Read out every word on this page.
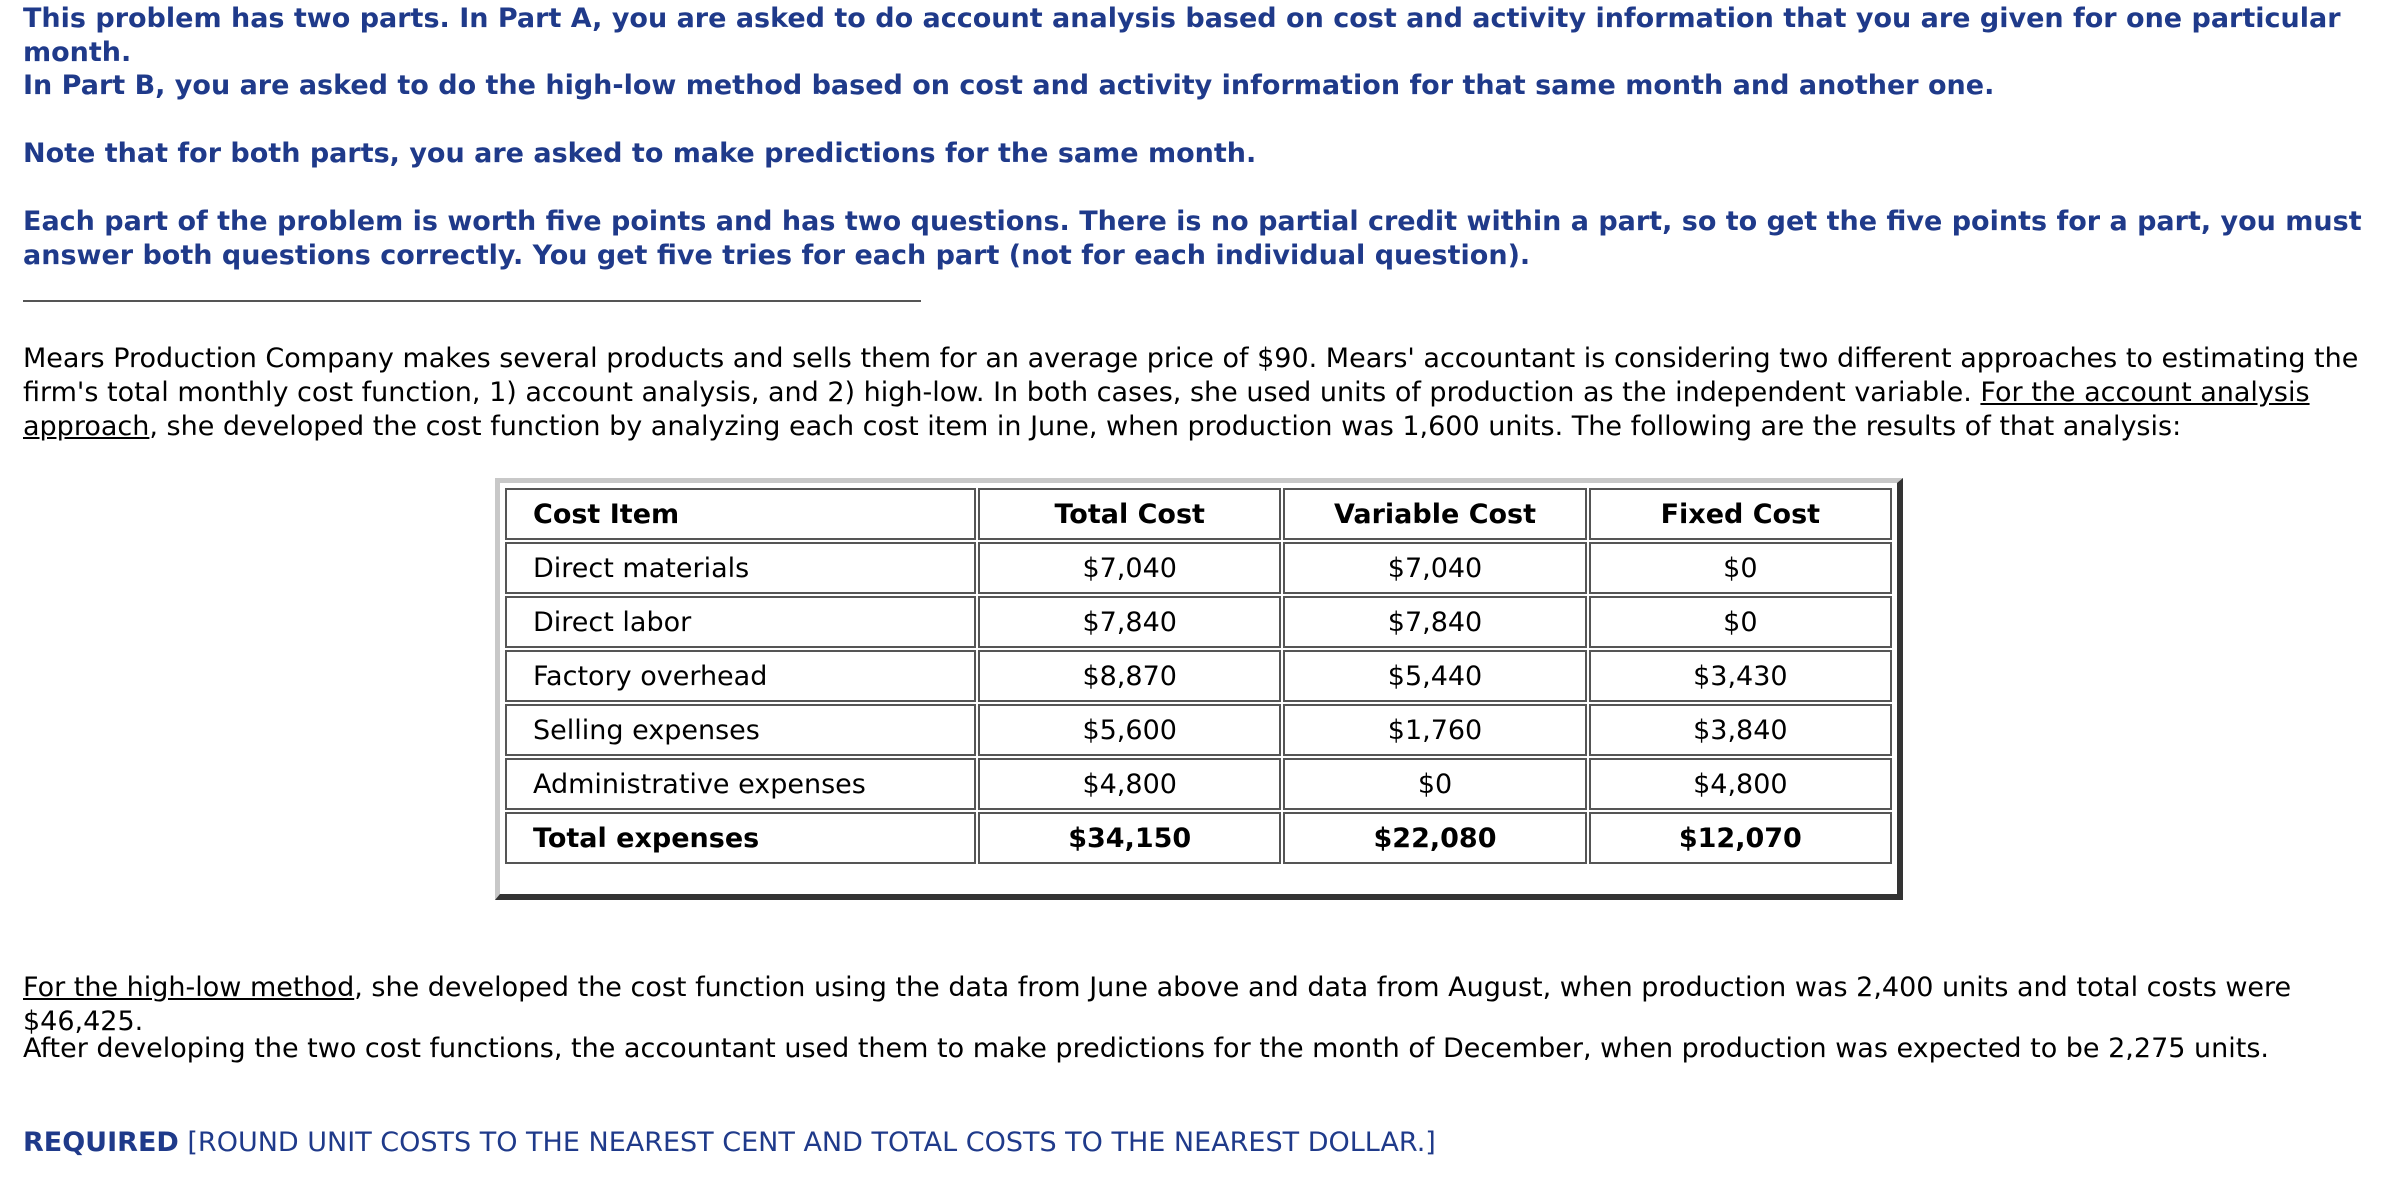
This problem has two parts. In Part A, you are asked to do account analysis based on cost and activity information that you are given for one particular month.

In Part B, you are asked to do the high-low method based on cost and activity information for that same month and another one.

Note that for both parts, you are asked to make predictions for the same month.

Each part of the problem is worth five points and has two questions. There is no partial credit within a part, so to get the five points for a part, you must answer both questions correctly. You get five tries for each part (not for each individual question).

Mears Production Company makes several products and sells them for an average price of $90. Mears' accountant is considering two different approaches to estimating the firm's total monthly cost function, 1) account analysis, and 2) high-low. In both cases, she used units of production as the independent variable. For the account analysis approach, she developed the cost function by analyzing each cost item in June, when production was 1,600 units. The following are the results of that analysis:

Cost Item	Total Cost	Variable Cost	Fixed Cost
Direct materials	$7,040	$7,040	$0
Direct labor	$7,840	$7,840	$0
Factory overhead	$8,870	$5,440	$3,430
Selling expenses	$5,600	$1,760	$3,840
Administrative expenses	$4,800	$0	$4,800
Total expenses	$34,150	$22,080	$12,070

For the high-low method, she developed the cost function using the data from June above and data from August, when production was 2,400 units and total costs were $46,425.

After developing the two cost functions, the accountant used them to make predictions for the month of December, when production was expected to be 2,275 units.

REQUIRED [ROUND UNIT COSTS TO THE NEAREST CENT AND TOTAL COSTS TO THE NEAREST DOLLAR.]
